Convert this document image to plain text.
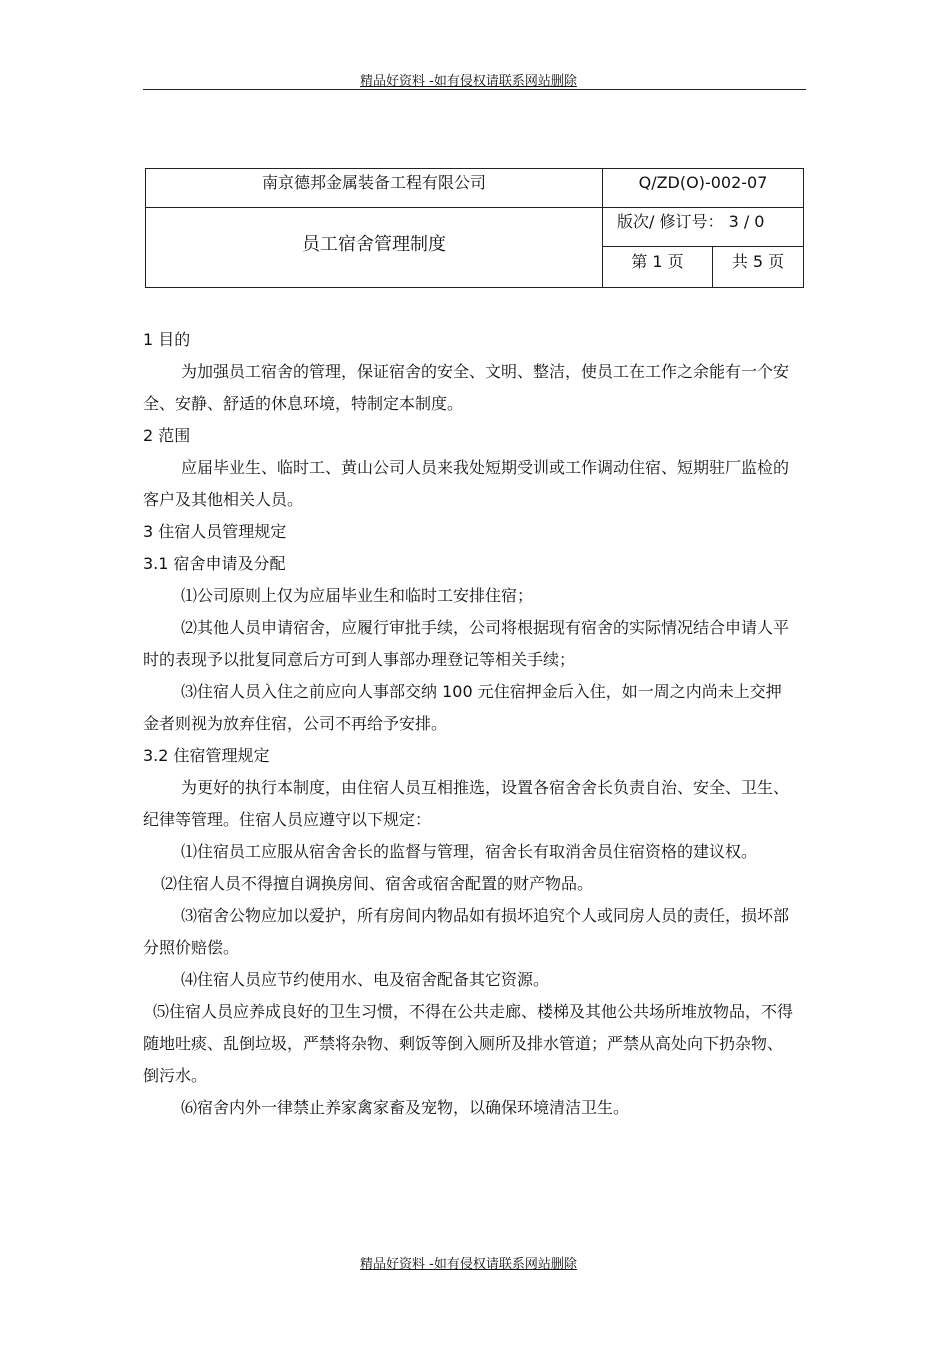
精品好资料 -如有侵权请联系网站删除
南京德邦金属装备工程有限公司	Q/ZD(O)-002-07
员工宿舍管理制度
版次/ 修订号： 3 / 0
第 1 页	共 5 页

1 目的

为加强员工宿舍的管理，保证宿舍的安全、文明、整洁，使员工在工作之余能有一个安全、安静、舒适的休息环境，特制定本制度。

2 范围

应届毕业生、临时工、黄山公司人员来我处短期受训或工作调动住宿、短期驻厂监检的客户及其他相关人员。

3 住宿人员管理规定

3.1 宿舍申请及分配

⑴公司原则上仅为应届毕业生和临时工安排住宿；

⑵其他人员申请宿舍，应履行审批手续，公司将根据现有宿舍的实际情况结合申请人平时的表现予以批复同意后方可到人事部办理登记等相关手续；

⑶住宿人员入住之前应向人事部交纳 100 元住宿押金后入住，如一周之内尚未上交押金者则视为放弃住宿，公司不再给予安排。

3.2 住宿管理规定

为更好的执行本制度，由住宿人员互相推选，设置各宿舍舍长负责自治、安全、卫生、纪律等管理。住宿人员应遵守以下规定：

⑴住宿员工应服从宿舍舍长的监督与管理，宿舍长有取消舍员住宿资格的建议权。

⑵住宿人员不得擅自调换房间、宿舍或宿舍配置的财产物品。

⑶宿舍公物应加以爱护，所有房间内物品如有损坏追究个人或同房人员的责任，损坏部分照价赔偿。

⑷住宿人员应节约使用水、电及宿舍配备其它资源。

⑸住宿人员应养成良好的卫生习惯，不得在公共走廊、楼梯及其他公共场所堆放物品，不得随地吐痰、乱倒垃圾，严禁将杂物、剩饭等倒入厕所及排水管道；严禁从高处向下扔杂物、倒污水。

⑹宿舍内外一律禁止养家禽家畜及宠物，以确保环境清洁卫生。

精品好资料 -如有侵权请联系网站删除
